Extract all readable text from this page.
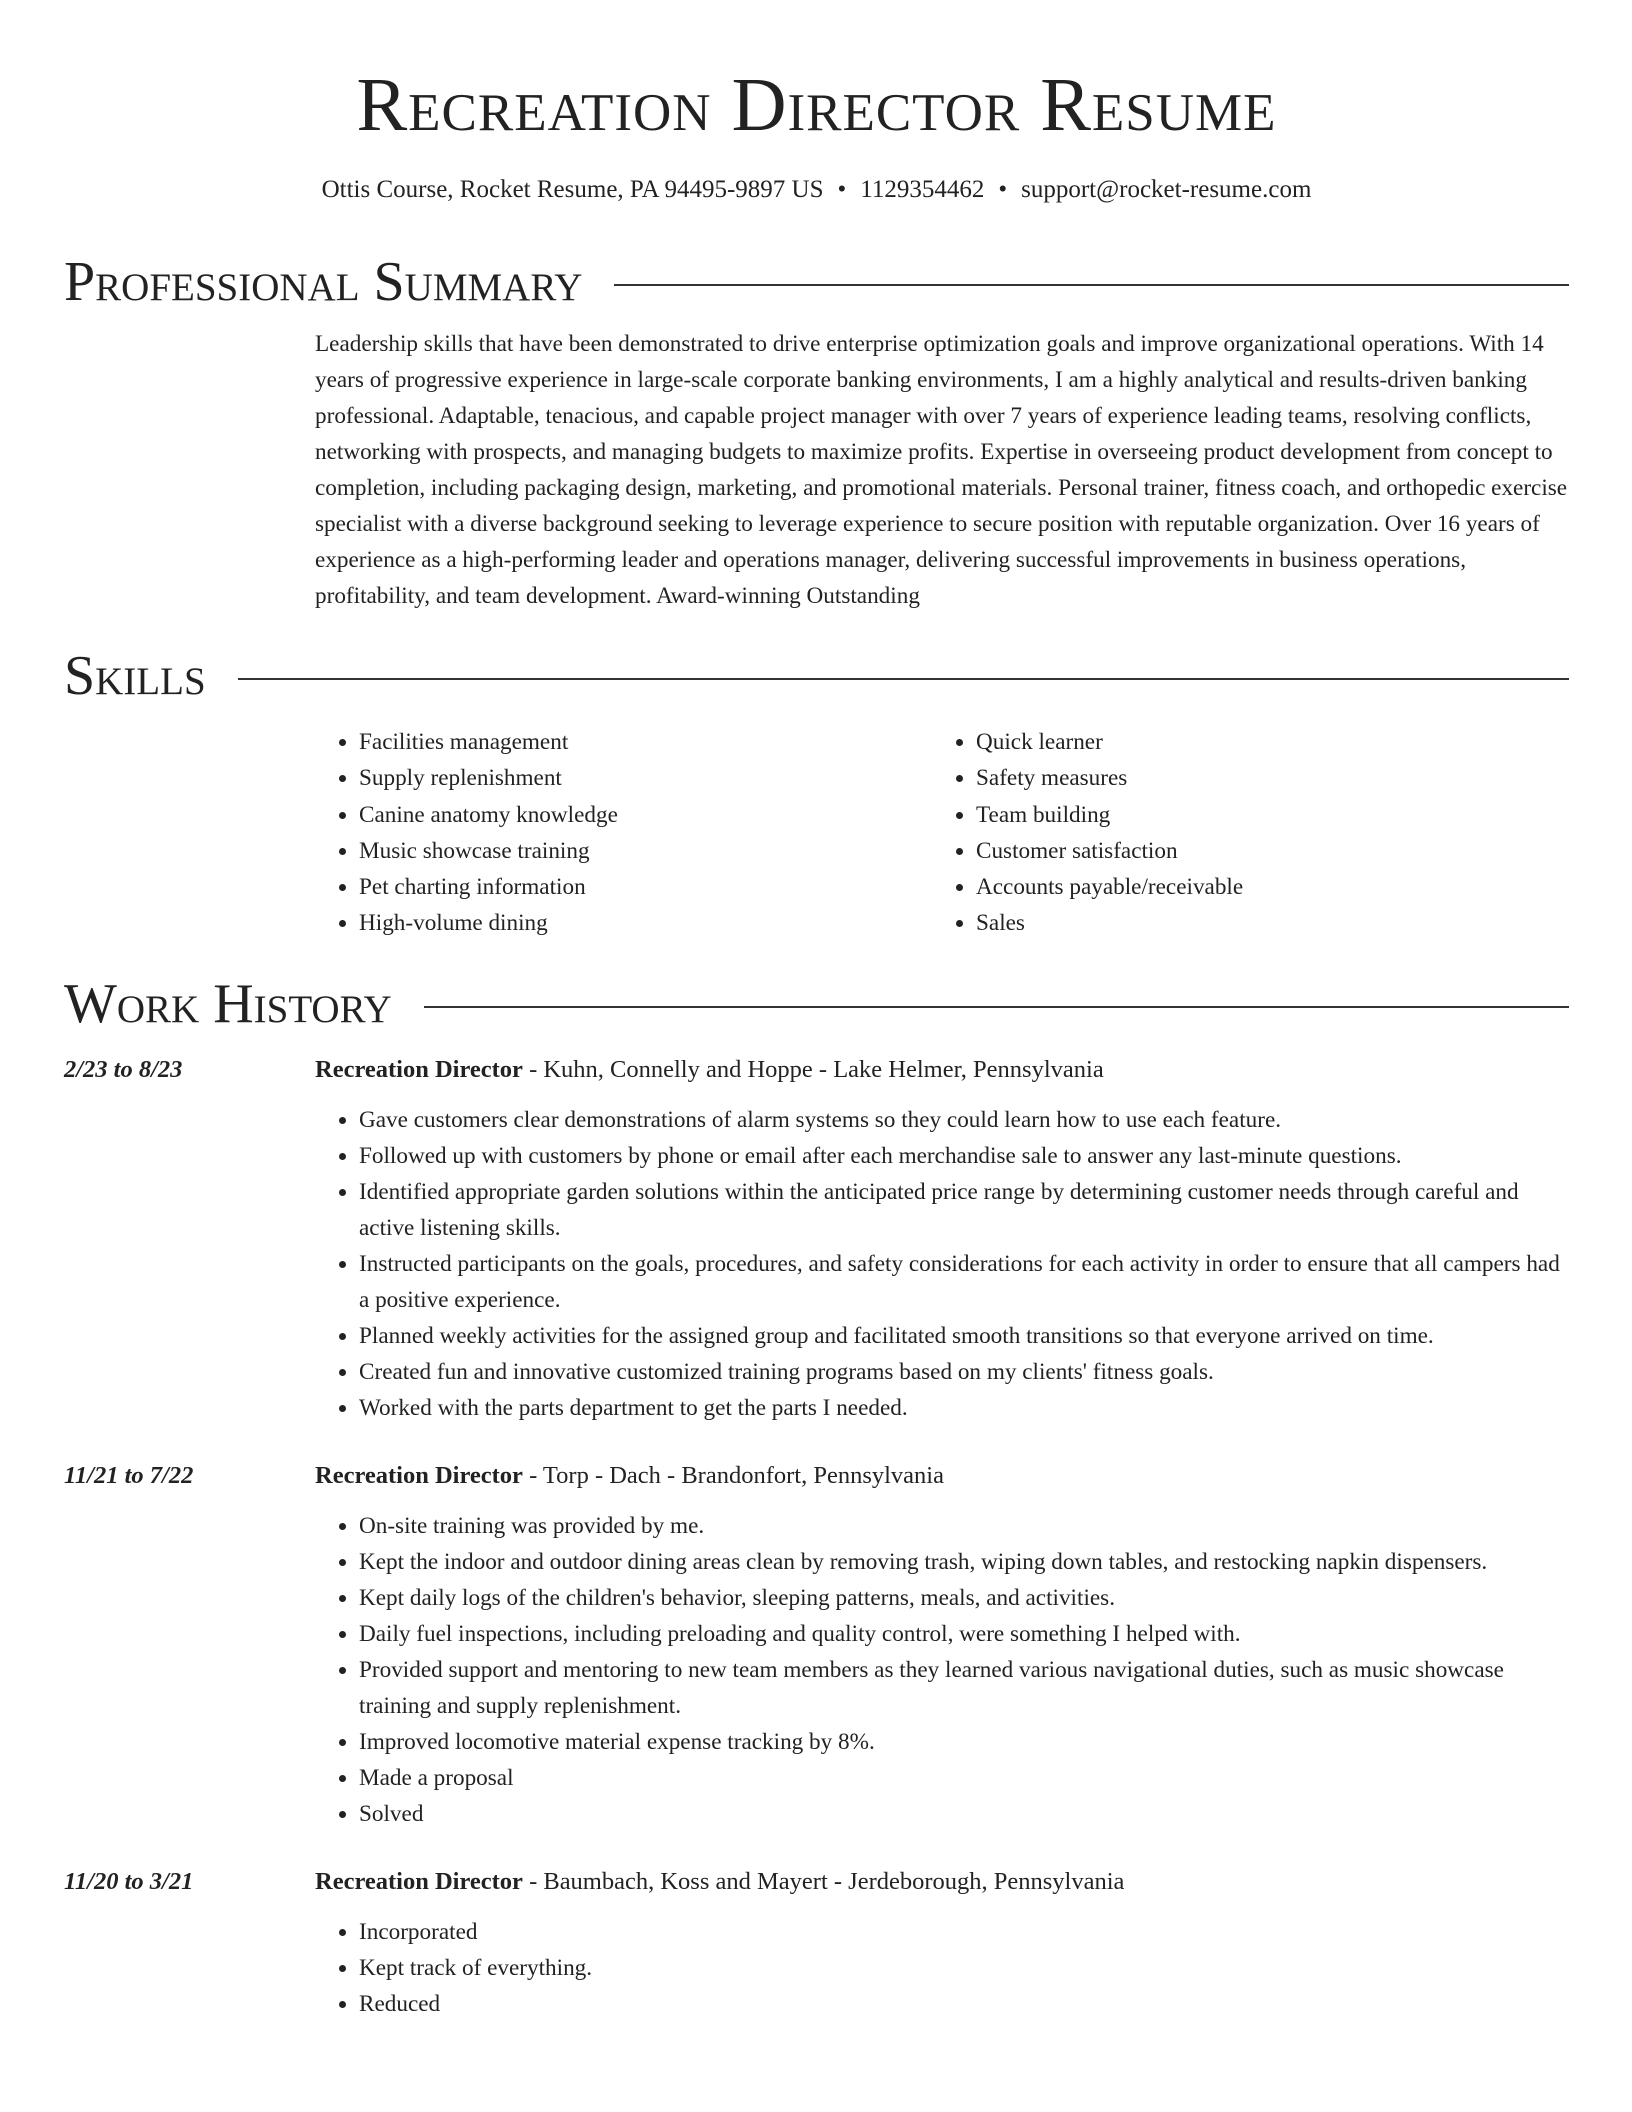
Recreation Director Resume
Ottis Course, Rocket Resume, PA 94495-9897 US • 1129354462 • support@rocket-resume.com
Professional Summary
Leadership skills that have been demonstrated to drive enterprise optimization goals and improve organizational operations. With 14 years of progressive experience in large-scale corporate banking environments, I am a highly analytical and results-driven banking professional. Adaptable, tenacious, and capable project manager with over 7 years of experience leading teams, resolving conflicts, networking with prospects, and managing budgets to maximize profits. Expertise in overseeing product development from concept to completion, including packaging design, marketing, and promotional materials. Personal trainer, fitness coach, and orthopedic exercise specialist with a diverse background seeking to leverage experience to secure position with reputable organization. Over 16 years of experience as a high-performing leader and operations manager, delivering successful improvements in business operations, profitability, and team development. Award-winning Outstanding
Skills
• Facilities management
• Supply replenishment
• Canine anatomy knowledge
• Music showcase training
• Pet charting information
• High-volume dining
• Quick learner
• Safety measures
• Team building
• Customer satisfaction
• Accounts payable/receivable
• Sales
Work History
2/23 to 8/23	Recreation Director - Kuhn, Connelly and Hoppe - Lake Helmer, Pennsylvania
• Gave customers clear demonstrations of alarm systems so they could learn how to use each feature.
• Followed up with customers by phone or email after each merchandise sale to answer any last-minute questions.
• Identified appropriate garden solutions within the anticipated price range by determining customer needs through careful and active listening skills.
• Instructed participants on the goals, procedures, and safety considerations for each activity in order to ensure that all campers had a positive experience.
• Planned weekly activities for the assigned group and facilitated smooth transitions so that everyone arrived on time.
• Created fun and innovative customized training programs based on my clients' fitness goals.
• Worked with the parts department to get the parts I needed.
11/21 to 7/22	Recreation Director - Torp - Dach - Brandonfort, Pennsylvania
• On-site training was provided by me.
• Kept the indoor and outdoor dining areas clean by removing trash, wiping down tables, and restocking napkin dispensers.
• Kept daily logs of the children's behavior, sleeping patterns, meals, and activities.
• Daily fuel inspections, including preloading and quality control, were something I helped with.
• Provided support and mentoring to new team members as they learned various navigational duties, such as music showcase training and supply replenishment.
• Improved locomotive material expense tracking by 8%.
• Made a proposal
• Solved
11/20 to 3/21	Recreation Director - Baumbach, Koss and Mayert - Jerdeborough, Pennsylvania
• Incorporated
• Kept track of everything.
• Reduced
